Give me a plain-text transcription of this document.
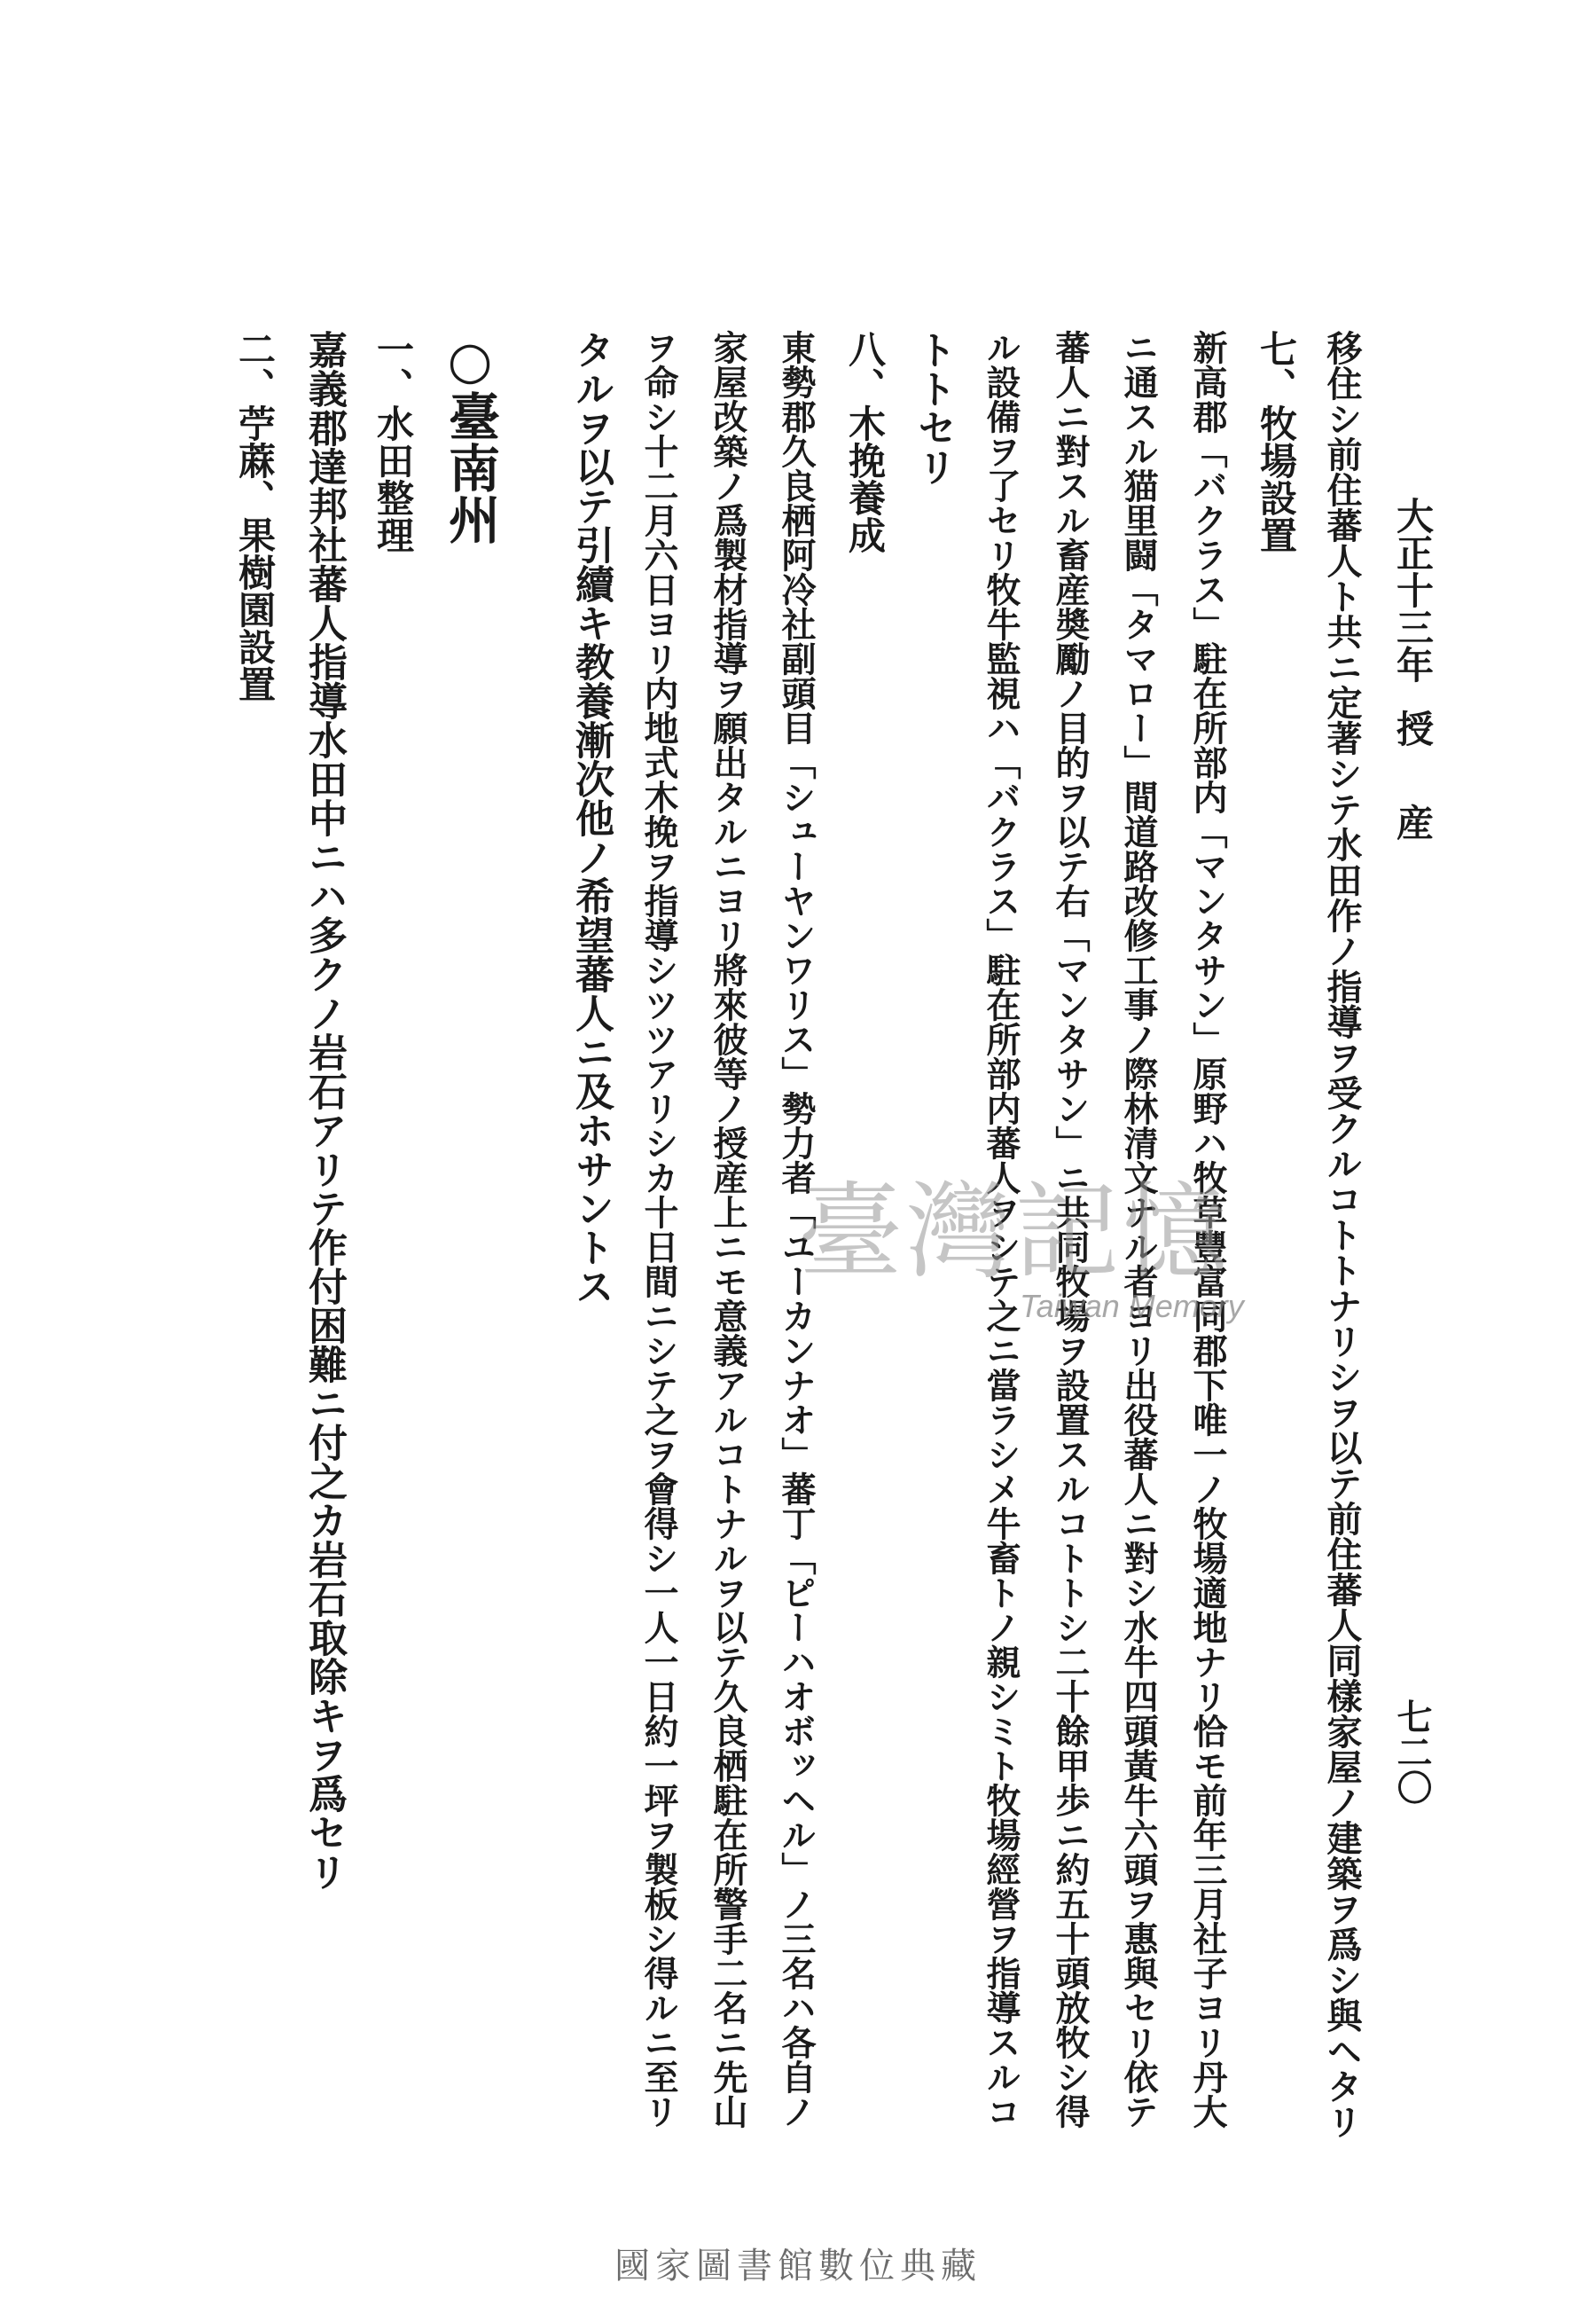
大正十三年
授産
七二〇
移住シ前住蕃人ト共ニ定著シテ水田作ノ指導ヲ受クルコトトナリシヲ以テ前住蕃人同樣家屋ノ建築ヲ爲シ與ヘタリ
七、牧場設置
新高郡「バクラス」駐在所部内「マンタサン」原野ハ牧草豐富同郡下唯一ノ牧場適地ナリ恰モ前年三月社子ヨリ丹大
ニ通スル猫里闘「タマロー」間道路改修工事ノ際林清文ナル者ヨリ出役蕃人ニ對シ水牛四頭黃牛六頭ヲ惠與セリ依テ
蕃人ニ對スル畜産奬勵ノ目的ヲ以テ右「マンタサン」ニ共同牧場ヲ設置スルコトトシ二十餘甲歩ニ約五十頭放牧シ得
ル設備ヲ了セリ牧牛監視ハ「バクラス」駐在所部内蕃人ヲシテ之ニ當ラシメ牛畜トノ親シミト牧場經營ヲ指導スルコ
トトセリ
八、木挽養成
東勢郡久良栖阿冷社副頭目「シューヤンワリス」勢力者「ユーカンナオ」蕃丁「ピーハオボッヘル」ノ三名ハ各自ノ
家屋改築ノ爲製材指導ヲ願出タルニヨリ將來彼等ノ授産上ニモ意義アルコトナルヲ以テ久良栖駐在所警手二名ニ先山
ヲ命シ十二月六日ヨリ内地式木挽ヲ指導シツツアリシカ十日間ニシテ之ヲ會得シ一人一日約一坪ヲ製板シ得ルニ至リ
タルヲ以テ引續キ教養漸次他ノ希望蕃人ニ及ホサントス
○臺南州
一、水田整理
嘉義郡達邦社蕃人指導水田中ニハ多クノ岩石アリテ作付困難ニ付之カ岩石取除キヲ爲セリ
二、苧蔴、果樹園設置
臺灣記憶
Taiwan Memory
國家圖書館數位典藏
